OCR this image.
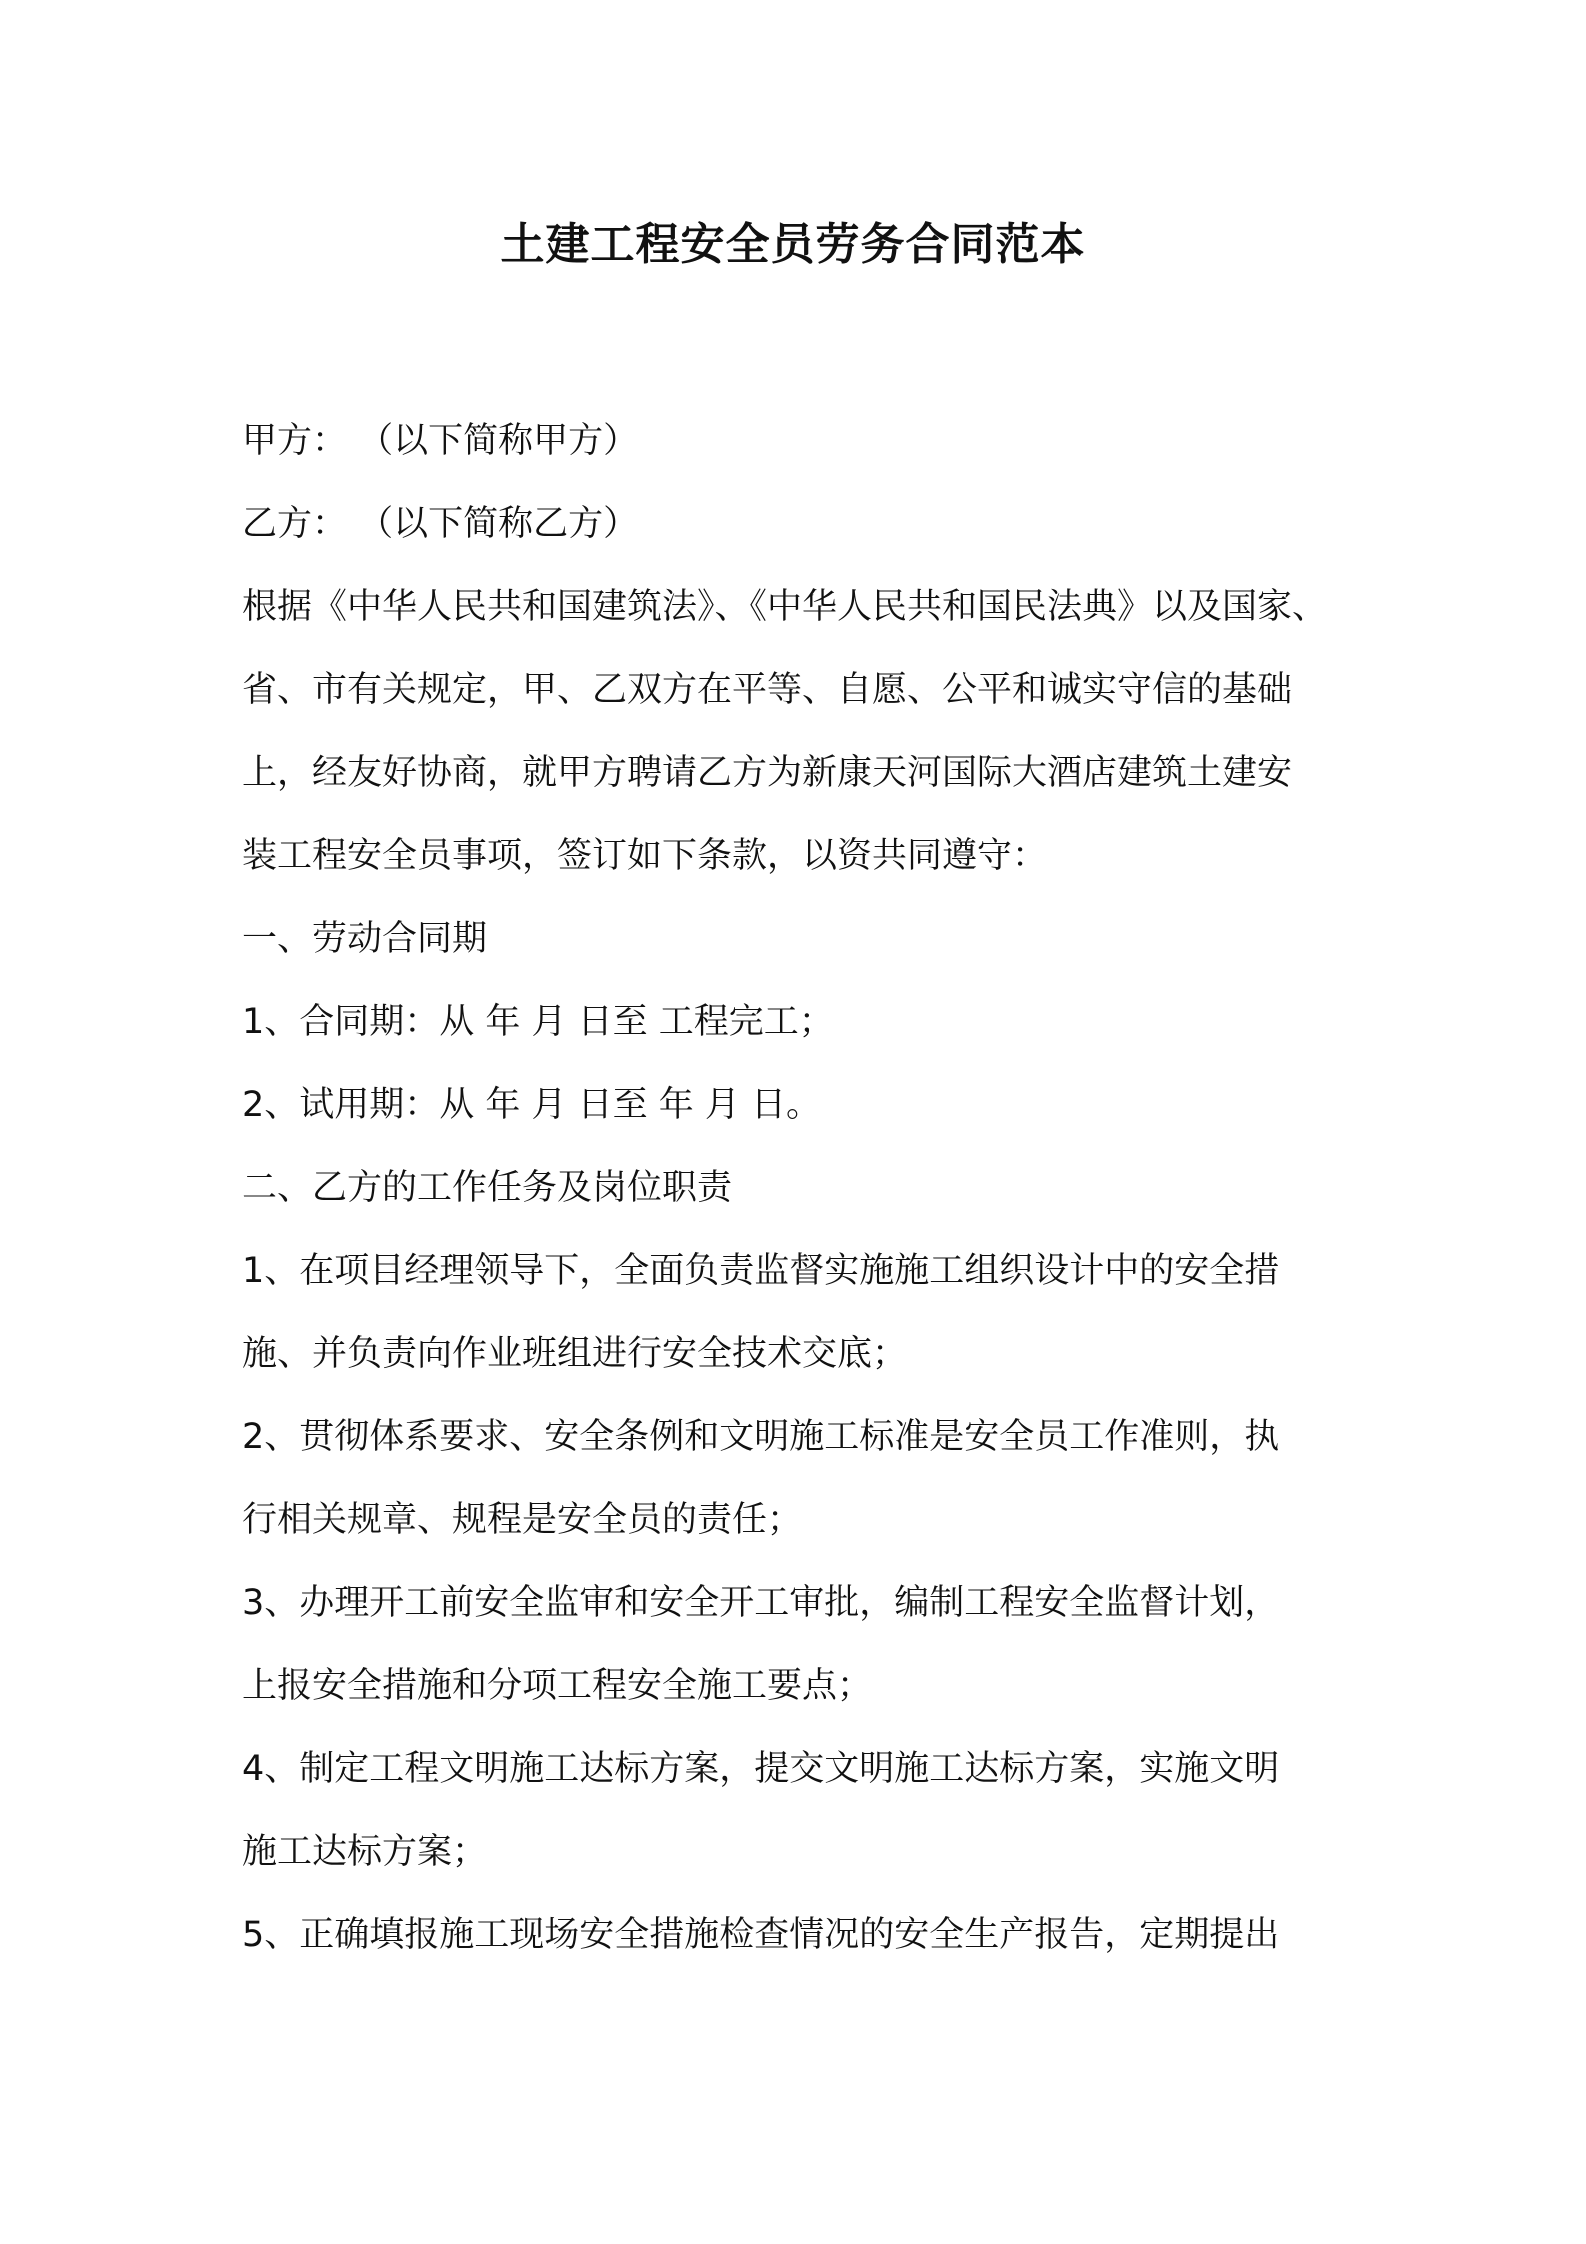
土建工程安全员劳务合同范本
甲方： （以下简称甲方）
乙方： （以下简称乙方）
根据《中华人民共和国建筑法》、《中华人民共和国民法典》以及国家、
省、市有关规定，甲、乙双方在平等、自愿、公平和诚实守信的基础
上，经友好协商，就甲方聘请乙方为新康天河国际大酒店建筑土建安
装工程安全员事项，签订如下条款，以资共同遵守：
一、劳动合同期
1、合同期：从 年 月 日至 工程完工；
2、试用期：从 年 月 日至 年 月 日。
二、乙方的工作任务及岗位职责
1、在项目经理领导下，全面负责监督实施施工组织设计中的安全措
施、并负责向作业班组进行安全技术交底；
2、贯彻体系要求、安全条例和文明施工标准是安全员工作准则，执
行相关规章、规程是安全员的责任；
3、办理开工前安全监审和安全开工审批，编制工程安全监督计划，
上报安全措施和分项工程安全施工要点；
4、制定工程文明施工达标方案，提交文明施工达标方案，实施文明
施工达标方案；
5、正确填报施工现场安全措施检查情况的安全生产报告，定期提出
